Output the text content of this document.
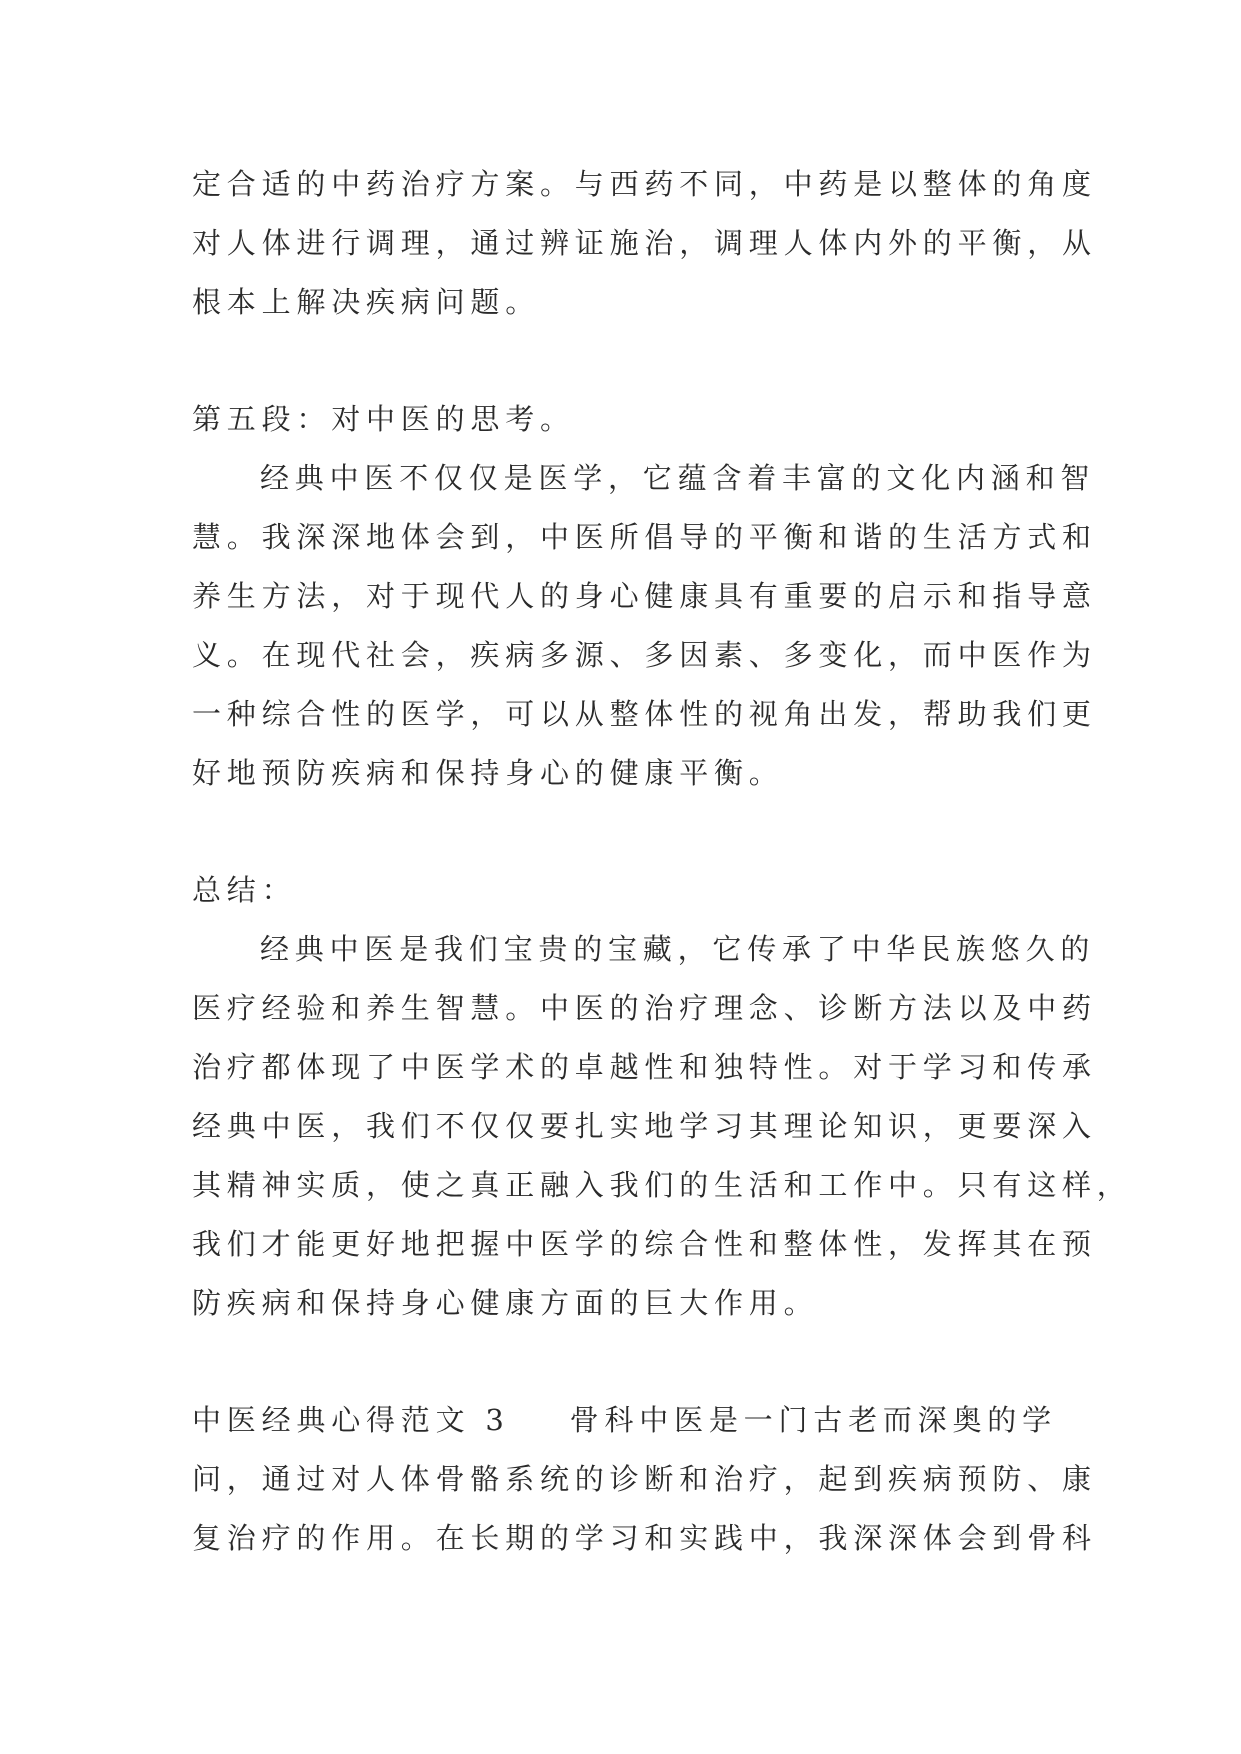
定合适的中药治疗方案。与西药不同，中药是以整体的角度
对人体进行调理，通过辨证施治，调理人体内外的平衡，从
根本上解决疾病问题。
第五段：对中医的思考。
经典中医不仅仅是医学，它蕴含着丰富的文化内涵和智
慧。我深深地体会到，中医所倡导的平衡和谐的生活方式和
养生方法，对于现代人的身心健康具有重要的启示和指导意
义。在现代社会，疾病多源、多因素、多变化，而中医作为
一种综合性的医学，可以从整体性的视角出发，帮助我们更
好地预防疾病和保持身心的健康平衡。
总结：
经典中医是我们宝贵的宝藏，它传承了中华民族悠久的
医疗经验和养生智慧。中医的治疗理念、诊断方法以及中药
治疗都体现了中医学术的卓越性和独特性。对于学习和传承
经典中医，我们不仅仅要扎实地学习其理论知识，更要深入
其精神实质，使之真正融入我们的生活和工作中。只有这样，
我们才能更好地把握中医学的综合性和整体性，发挥其在预
防疾病和保持身心健康方面的巨大作用。
中医经典心得范文 3 骨科中医是一门古老而深奥的学
问，通过对人体骨骼系统的诊断和治疗，起到疾病预防、康
复治疗的作用。在长期的学习和实践中，我深深体会到骨科
